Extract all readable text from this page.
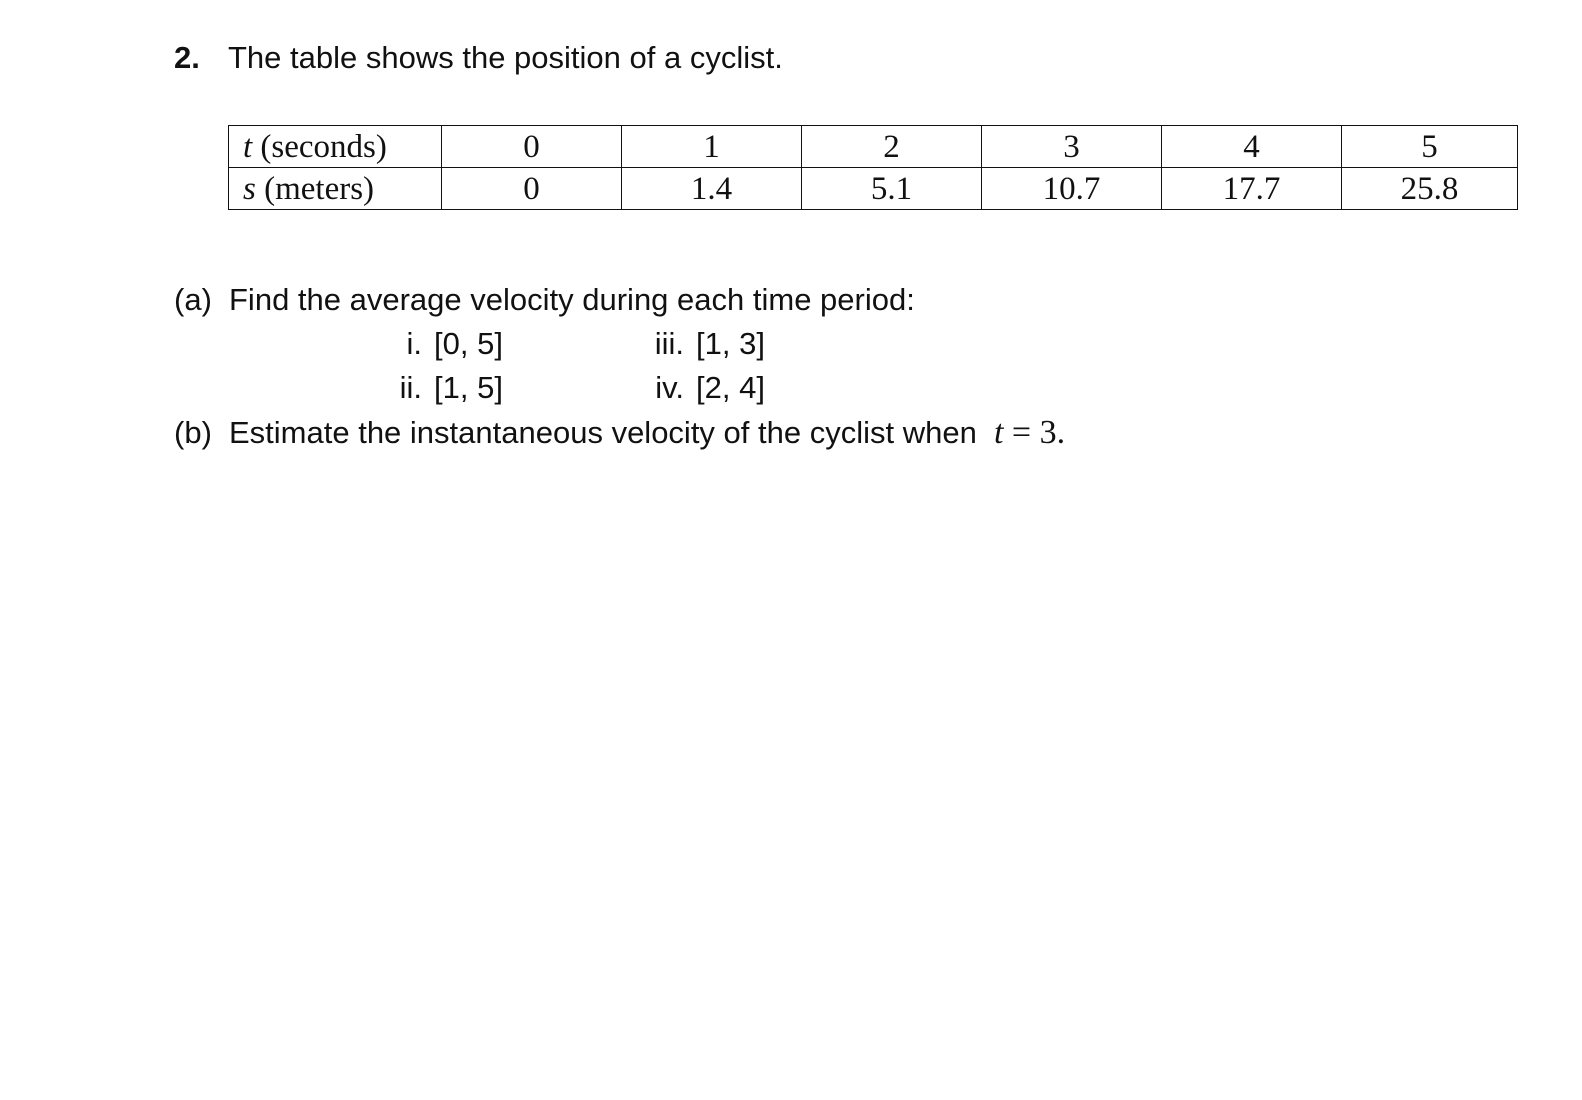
2. The table shows the position of a cyclist.
t (seconds)	0	1	2	3	4	5
s (meters)	0	1.4	5.1	10.7	17.7	25.8
(a) Find the average velocity during each time period:
i. [0, 5]
ii. [1, 5]
iii. [1, 3]
iv. [2, 4]
(b) Estimate the instantaneous velocity of the cyclist when t = 3.
